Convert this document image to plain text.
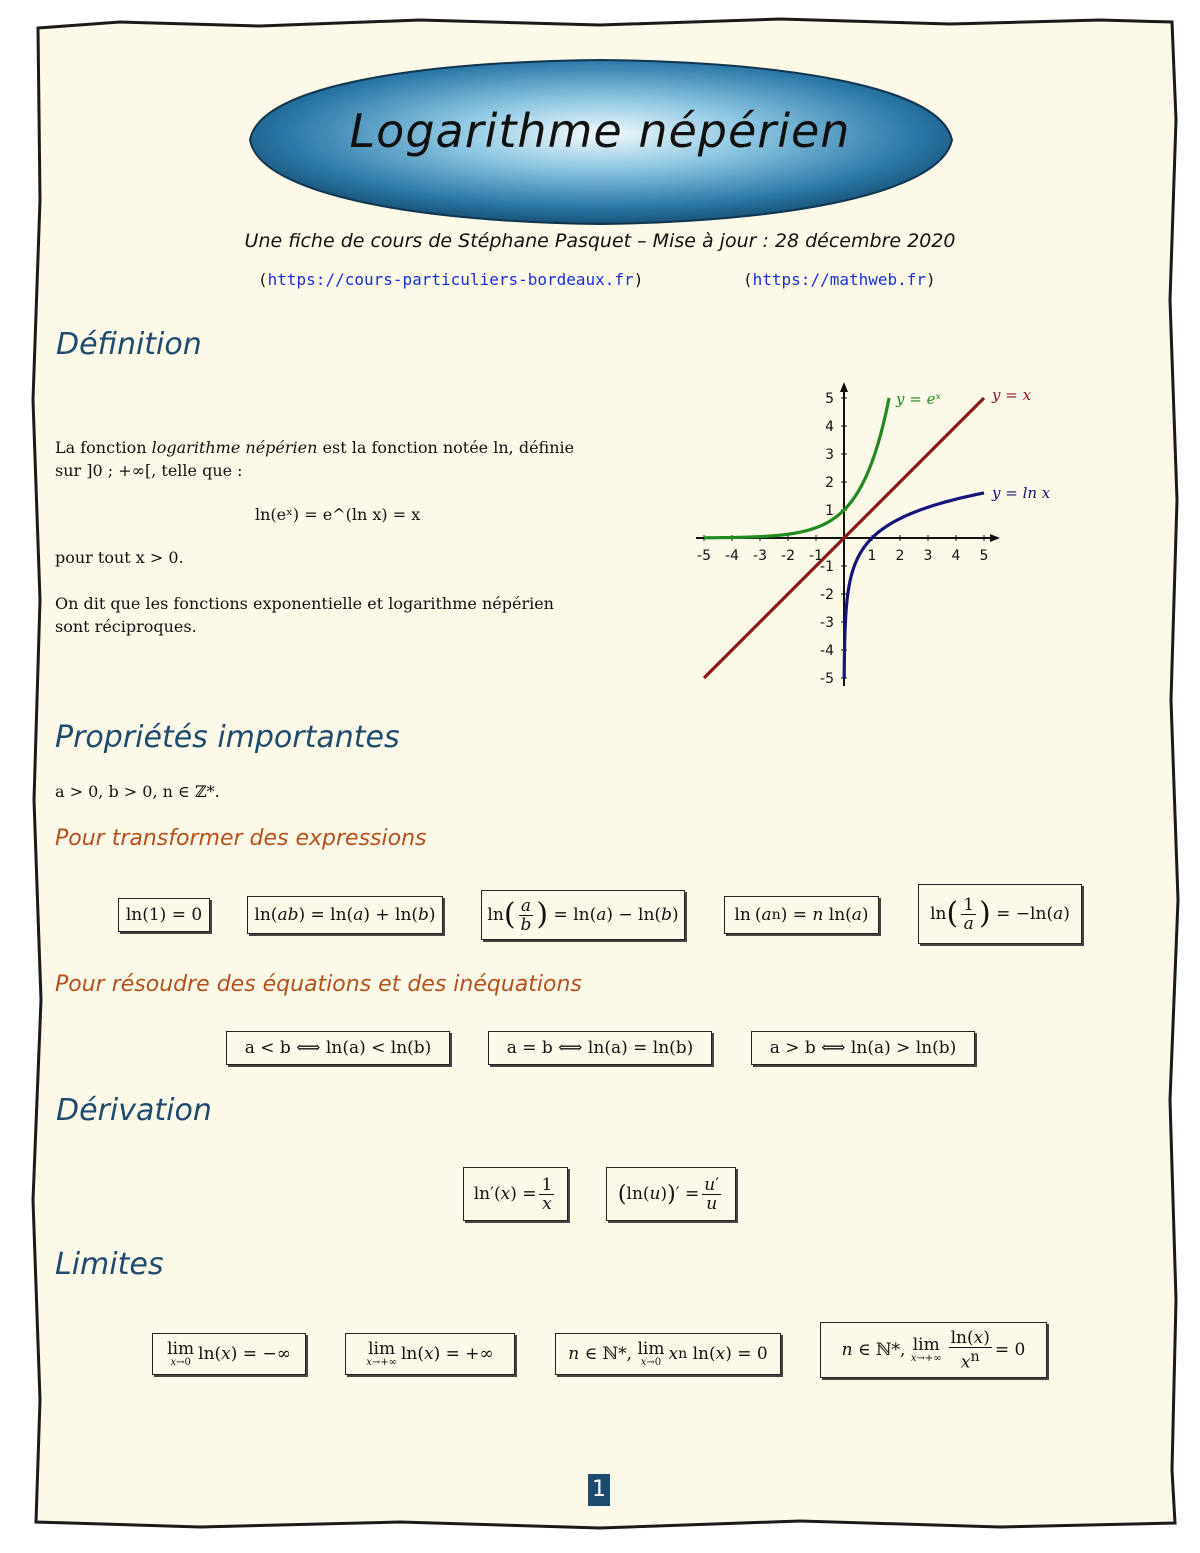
Logarithme népérien
Une fiche de cours de Stéphane Pasquet – Mise à jour : 28 décembre 2020
(https://cours-particuliers-bordeaux.fr)	(https://mathweb.fr)
Définition
La fonction logarithme népérien est la fonction notée ln, définie
sur ]0 ; +∞[, telle que :
ln(eˣ) = e^(ln x) = x
pour tout x > 0.
On dit que les fonctions exponentielle et logarithme népérien
sont réciproques.
-5 -4 -3 -2 -1	1 2 3 4 5
5
4
3
2
1
-1
-2
-3
-4
-5
y = eˣ	y = x
y = ln x
Propriétés importantes
a > 0, b > 0, n ∈ ℤ*.
Pour transformer des expressions
ln(1) = 0	ln( ab ) = ln( a ) + ln( b )	ln ( $\frac{a}{b}$ ) = ln( a ) − ln( b )	ln ( a n ) = n ln( a )	ln ( $\frac{1}{a}$ ) = −ln( a )
Pour résoudre des équations et des inéquations
a < b ⟺ ln(a) < ln(b)	a = b ⟺ ln(a) = ln(b)	a > b ⟺ ln(a) > ln(b)
Dérivation
ln′( x ) = $\frac{1}{x}$	( ln( u ) ) ′ = $\frac{u'}{u}$
Limites
lim
x→0 ln( x ) = −∞	lim
x→+∞ ln( x ) = +∞	n ∈ ℕ*, lim
x→0 x n ln( x ) = 0	n ∈ ℕ*, lim
$x\to+\infty \frac{\ln(x)}{x^n} = 0$
1
